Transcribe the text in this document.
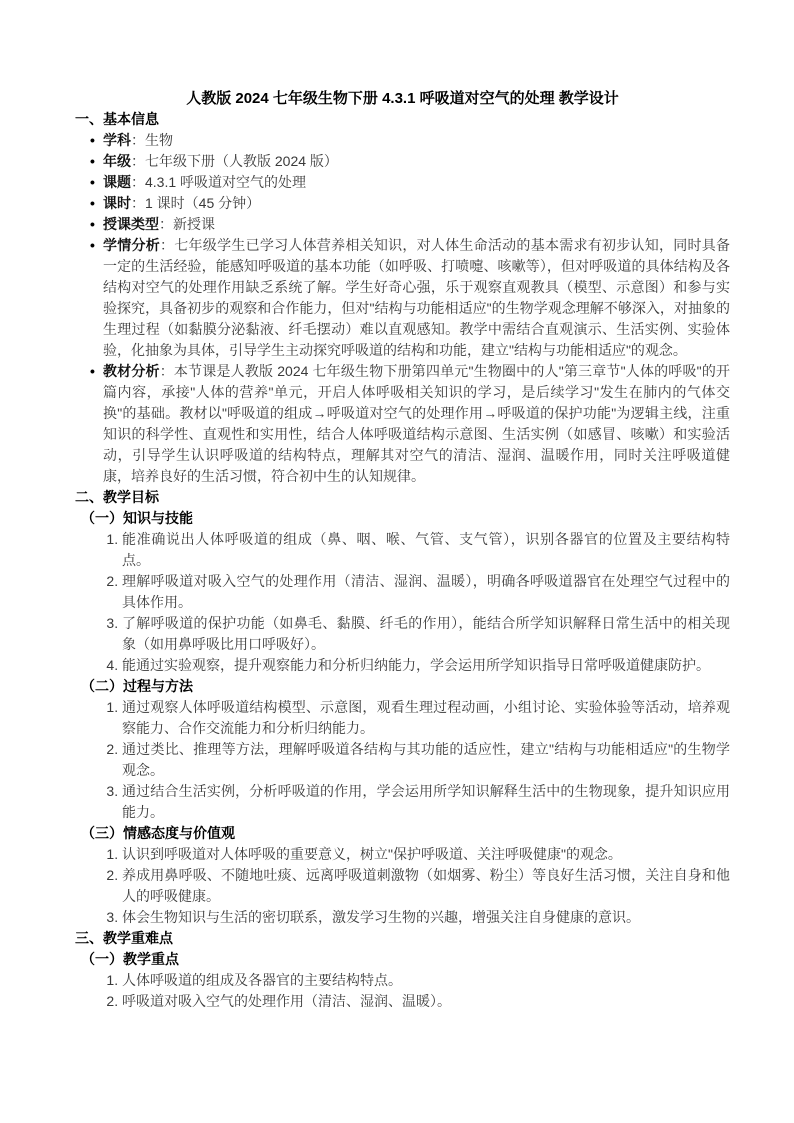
人教版 2024 七年级生物下册 4.3.1 呼吸道对空气的处理 教学设计
一、基本信息
• 学科：生物
• 年级：七年级下册（人教版 2024 版）
• 课题：4.3.1 呼吸道对空气的处理
• 课时：1 课时（45 分钟）
• 授课类型：新授课
• 学情分析：七年级学生已学习人体营养相关知识，对人体生命活动的基本需求有初步认知，同时具备一定的生活经验，能感知呼吸道的基本功能（如呼吸、打喷嚏、咳嗽等），但对呼吸道的具体结构及各结构对空气的处理作用缺乏系统了解。学生好奇心强，乐于观察直观教具（模型、示意图）和参与实验探究，具备初步的观察和合作能力，但对"结构与功能相适应"的生物学观念理解不够深入，对抽象的生理过程（如黏膜分泌黏液、纤毛摆动）难以直观感知。教学中需结合直观演示、生活实例、实验体验，化抽象为具体，引导学生主动探究呼吸道的结构和功能，建立"结构与功能相适应"的观念。
• 教材分析：本节课是人教版 2024 七年级生物下册第四单元"生物圈中的人"第三章节"人体的呼吸"的开篇内容，承接"人体的营养"单元，开启人体呼吸相关知识的学习，是后续学习"发生在肺内的气体交换"的基础。教材以"呼吸道的组成→呼吸道对空气的处理作用→呼吸道的保护功能"为逻辑主线，注重知识的科学性、直观性和实用性，结合人体呼吸道结构示意图、生活实例（如感冒、咳嗽）和实验活动，引导学生认识呼吸道的结构特点，理解其对空气的清洁、湿润、温暖作用，同时关注呼吸道健康，培养良好的生活习惯，符合初中生的认知规律。
二、教学目标
（一）知识与技能
1. 能准确说出人体呼吸道的组成（鼻、咽、喉、气管、支气管），识别各器官的位置及主要结构特点。
2. 理解呼吸道对吸入空气的处理作用（清洁、湿润、温暖），明确各呼吸道器官在处理空气过程中的具体作用。
3. 了解呼吸道的保护功能（如鼻毛、黏膜、纤毛的作用），能结合所学知识解释日常生活中的相关现象（如用鼻呼吸比用口呼吸好）。
4. 能通过实验观察，提升观察能力和分析归纳能力，学会运用所学知识指导日常呼吸道健康防护。
（二）过程与方法
1. 通过观察人体呼吸道结构模型、示意图，观看生理过程动画，小组讨论、实验体验等活动，培养观察能力、合作交流能力和分析归纳能力。
2. 通过类比、推理等方法，理解呼吸道各结构与其功能的适应性，建立"结构与功能相适应"的生物学观念。
3. 通过结合生活实例，分析呼吸道的作用，学会运用所学知识解释生活中的生物现象，提升知识应用能力。
（三）情感态度与价值观
1. 认识到呼吸道对人体呼吸的重要意义，树立"保护呼吸道、关注呼吸健康"的观念。
2. 养成用鼻呼吸、不随地吐痰、远离呼吸道刺激物（如烟雾、粉尘）等良好生活习惯，关注自身和他人的呼吸健康。
3. 体会生物知识与生活的密切联系，激发学习生物的兴趣，增强关注自身健康的意识。
三、教学重难点
（一）教学重点
1. 人体呼吸道的组成及各器官的主要结构特点。
2. 呼吸道对吸入空气的处理作用（清洁、湿润、温暖）。
